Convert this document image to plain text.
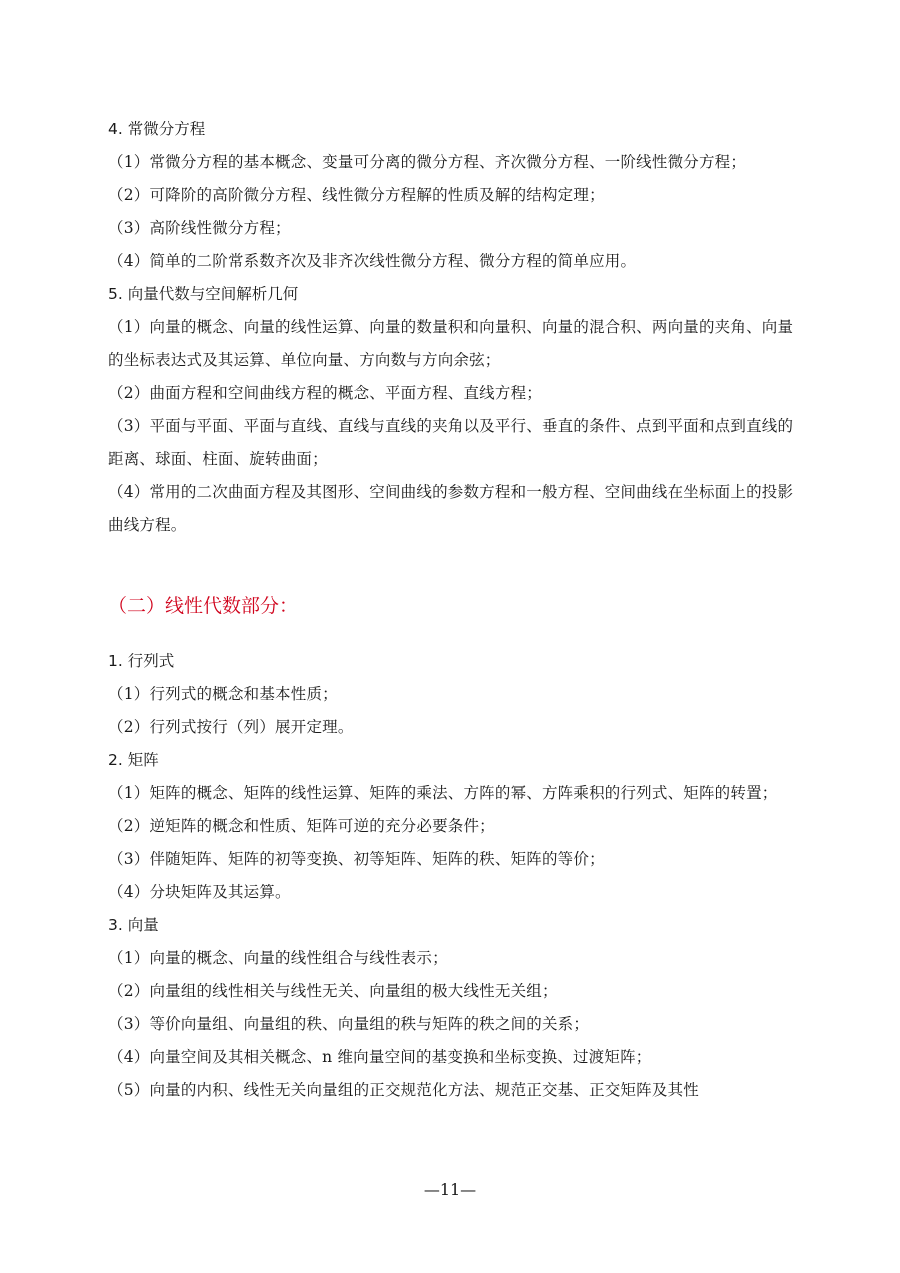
4. 常微分方程
（1）常微分方程的基本概念、变量可分离的微分方程、齐次微分方程、一阶线性微分方程；
（2）可降阶的高阶微分方程、线性微分方程解的性质及解的结构定理；
（3）高阶线性微分方程；
（4）简单的二阶常系数齐次及非齐次线性微分方程、微分方程的简单应用。
5. 向量代数与空间解析几何
（1）向量的概念、向量的线性运算、向量的数量积和向量积、向量的混合积、两向量的夹角、向量的坐标表达式及其运算、单位向量、方向数与方向余弦；
（2）曲面方程和空间曲线方程的概念、平面方程、直线方程；
（3）平面与平面、平面与直线、直线与直线的夹角以及平行、垂直的条件、点到平面和点到直线的距离、球面、柱面、旋转曲面；
（4）常用的二次曲面方程及其图形、空间曲线的参数方程和一般方程、空间曲线在坐标面上的投影曲线方程。
（二）线性代数部分：
1. 行列式
（1）行列式的概念和基本性质；
（2）行列式按行（列）展开定理。
2. 矩阵
（1）矩阵的概念、矩阵的线性运算、矩阵的乘法、方阵的幂、方阵乘积的行列式、矩阵的转置；
（2）逆矩阵的概念和性质、矩阵可逆的充分必要条件；
（3）伴随矩阵、矩阵的初等变换、初等矩阵、矩阵的秩、矩阵的等价；
（4）分块矩阵及其运算。
3. 向量
（1）向量的概念、向量的线性组合与线性表示；
（2）向量组的线性相关与线性无关、向量组的极大线性无关组；
（3）等价向量组、向量组的秩、向量组的秩与矩阵的秩之间的关系；
（4）向量空间及其相关概念、n 维向量空间的基变换和坐标变换、过渡矩阵；
（5）向量的内积、线性无关向量组的正交规范化方法、规范正交基、正交矩阵及其性
—11—
